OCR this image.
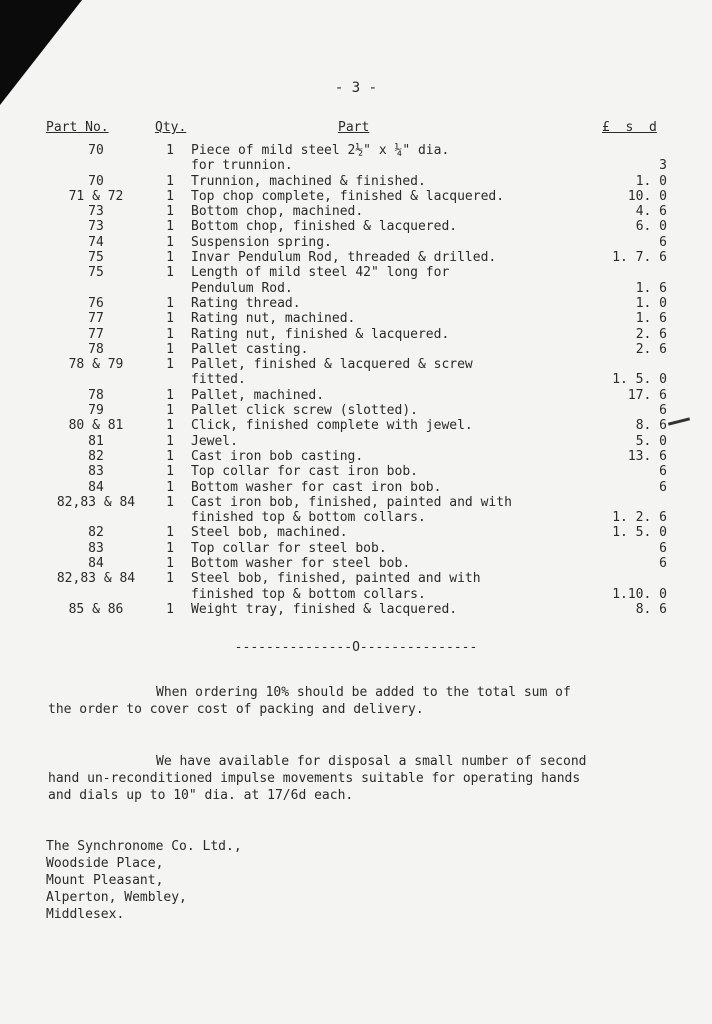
- 3 -
Part No.	Qty.	Part	£  s  d
70	1 Piece of mild steel 2½" x ¼" dia.
for trunnion.	3
70	1 Trunnion, machined & finished.	1. 0
71 & 72	1 Top chop complete, finished & lacquered.	10. 0
73	1 Bottom chop, machined.	4. 6
73	1 Bottom chop, finished & lacquered.	6. 0
74	1 Suspension spring.	6
75	1 Invar Pendulum Rod, threaded & drilled.	1. 7. 6
75	1 Length of mild steel 42" long for
Pendulum Rod.	1. 6
76	1 Rating thread.	1. 0
77	1 Rating nut, machined.	1. 6
77	1 Rating nut, finished & lacquered.	2. 6
78	1 Pallet casting.	2. 6
78 & 79	1 Pallet, finished & lacquered & screw
fitted.	1. 5. 0
78	1 Pallet, machined.	17. 6
79	1 Pallet click screw (slotted).	6
80 & 81	1 Click, finished complete with jewel.	8. 6
81	1 Jewel.	5. 0
82	1 Cast iron bob casting.	13. 6
83	1 Top collar for cast iron bob.	6
84	1 Bottom washer for cast iron bob.	6
82,83 & 84	1 Cast iron bob, finished, painted and with
finished top & bottom collars.	1. 2. 6
82	1 Steel bob, machined.	1. 5. 0
83	1 Top collar for steel bob.	6
84	1 Bottom washer for steel bob.	6
82,83 & 84	1 Steel bob, finished, painted and with
finished top & bottom collars.	1.10. 0
85 & 86	1 Weight tray, finished & lacquered.	8. 6
---------------O---------------
When ordering 10% should be added to the total sum of
the order to cover cost of packing and delivery.
We have available for disposal a small number of second
hand un-reconditioned impulse movements suitable for operating hands
and dials up to 10" dia. at 17/6d each.
The Synchronome Co. Ltd.,
Woodside Place,
Mount Pleasant,
Alperton, Wembley,
Middlesex.
